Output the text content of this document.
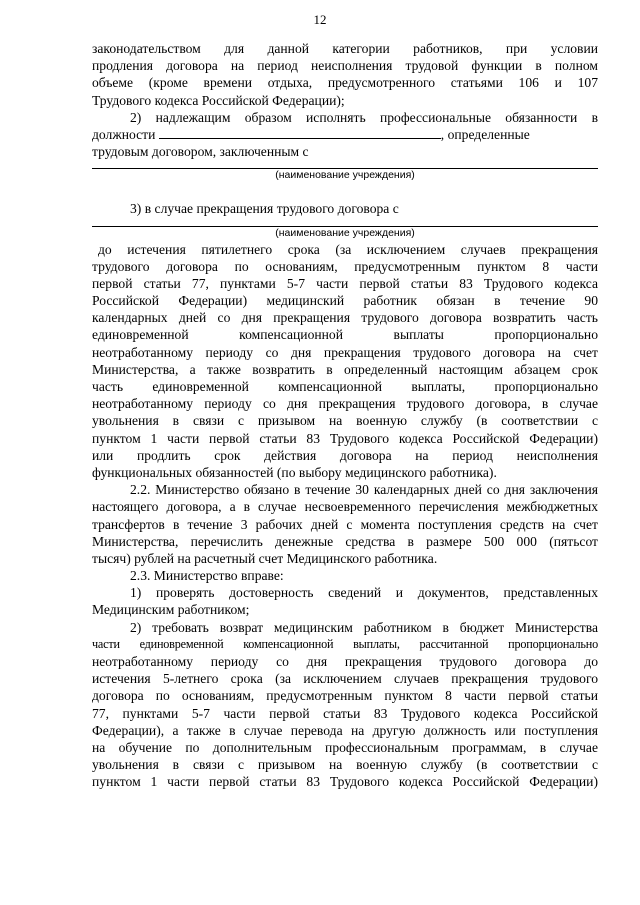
12
законодательством для данной категории работников, при условии
продления договора на период неисполнения трудовой функции в полном
объеме (кроме времени отдыха, предусмотренного статьями 106 и 107
Трудового кодекса Российской Федерации);
2) надлежащим образом исполнять профессиональные обязанности в
должности	, определенные
трудовым договором, заключенным с
(наименование учреждения)
3) в случае прекращения трудового договора с
(наименование учреждения)
до истечения пятилетнего срока (за исключением случаев прекращения
трудового договора по основаниям, предусмотренным пунктом 8 части
первой статьи 77, пунктами 5-7 части первой статьи 83 Трудового кодекса
Российской Федерации) медицинский работник обязан в течение 90
календарных дней со дня прекращения трудового договора возвратить часть
единовременной компенсационной выплаты пропорционально
неотработанному периоду со дня прекращения трудового договора на счет
Министерства, а также возвратить в определенный настоящим абзацем срок
часть единовременной компенсационной выплаты, пропорционально
неотработанному периоду со дня прекращения трудового договора, в случае
увольнения в связи с призывом на военную службу (в соответствии с
пунктом 1 части первой статьи 83 Трудового кодекса Российской Федерации)
или продлить срок действия договора на период неисполнения
функциональных обязанностей (по выбору медицинского работника).
2.2. Министерство обязано в течение 30 календарных дней со дня заключения
настоящего договора, а в случае несвоевременного перечисления межбюджетных
трансфертов в течение 3 рабочих дней с момента поступления средств на счет
Министерства, перечислить денежные средства в размере 500 000 (пятьсот
тысяч) рублей на расчетный счет Медицинского работника.
2.3. Министерство вправе:
1) проверять достоверность сведений и документов, представленных
Медицинским работником;
2) требовать возврат медицинским работником в бюджет Министерства
части единовременной компенсационной выплаты, рассчитанной пропорционально
неотработанному периоду со дня прекращения трудового договора до
истечения 5-летнего срока (за исключением случаев прекращения трудового
договора по основаниям, предусмотренным пунктом 8 части первой статьи
77, пунктами 5-7 части первой статьи 83 Трудового кодекса Российской
Федерации), а также в случае перевода на другую должность или поступления
на обучение по дополнительным профессиональным программам, в случае
увольнения в связи с призывом на военную службу (в соответствии с
пунктом 1 части первой статьи 83 Трудового кодекса Российской Федерации)
